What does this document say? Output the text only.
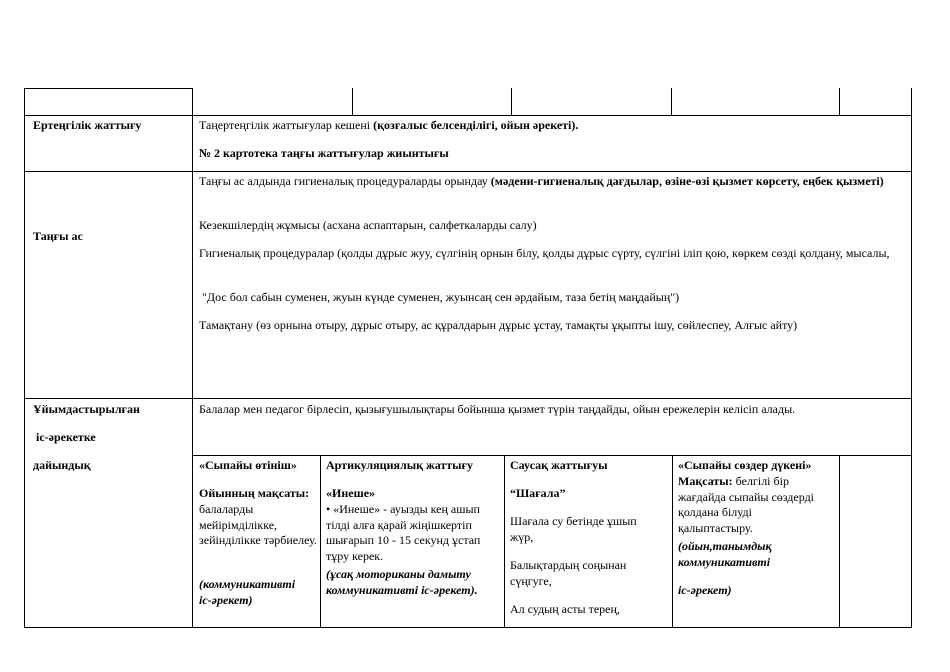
Ертеңгілік жаттығу	Таңертеңгілік жаттығулар кешені (қозғалыс белсенділігі, ойын әрекеті).
№ 2 картотека таңғы жаттығулар жиынтығы
Таңғы ас
Таңғы ас алдында гигиеналық процедураларды орындау (мәдени-гигиеналық дағдылар, өзіне-өзі қызмет көрсету, еңбек қызметі)
Кезекшілердің жұмысы (асхана аспаптарын, салфеткаларды салу)
Гигиеналық процедуралар (қолды дұрыс жуу, сүлгінің орнын білу, қолды дұрыс сүрту, сүлгіні іліп қою, көркем сөзді қолдану, мысалы,
"Дос бол сабын суменен, жуын күнде суменен, жуынсаң сен әрдайым, таза бетің маңдайың")
Тамақтану (өз орнына отыру, дұрыс отыру, ас құралдарын дұрыс ұстау, тамақты ұқыпты ішу, сөйлеспеу, Алғыс айту)
Ұйымдастырылған
іс-әрекетке
дайындық
Балалар мен педагог бірлесіп, қызығушылықтары бойынша қызмет түрін таңдайды, ойын ережелерін келісіп алады.
«Сыпайы өтініш»
Ойынның мақсаты:
балаларды мейірімділікке, зейінділікке тәрбиелеу.
(коммуникативті іс-әрекет)
Артикуляциялық жаттығу
«Инеше»
• «Инеше» - ауызды кең ашып тілді алға қарай жіңішкертіп шығарып 10 - 15 секунд ұстап тұру керек.
(ұсақ моториканы дамыту коммуникативті іс-әрекет).
Саусақ жаттығуы
“Шағала”
Шағала су бетінде ұшып жүр,
Балықтардың соңынан сүңгуге,
Ал судың асты терең,
«Сыпайы сөздер дүкені»
Мақсаты: белгілі бір жағдайда сыпайы сөздерді қолдана білуді қалыптастыру.
(ойын,танымдық коммуникативті
іс-әрекет)
